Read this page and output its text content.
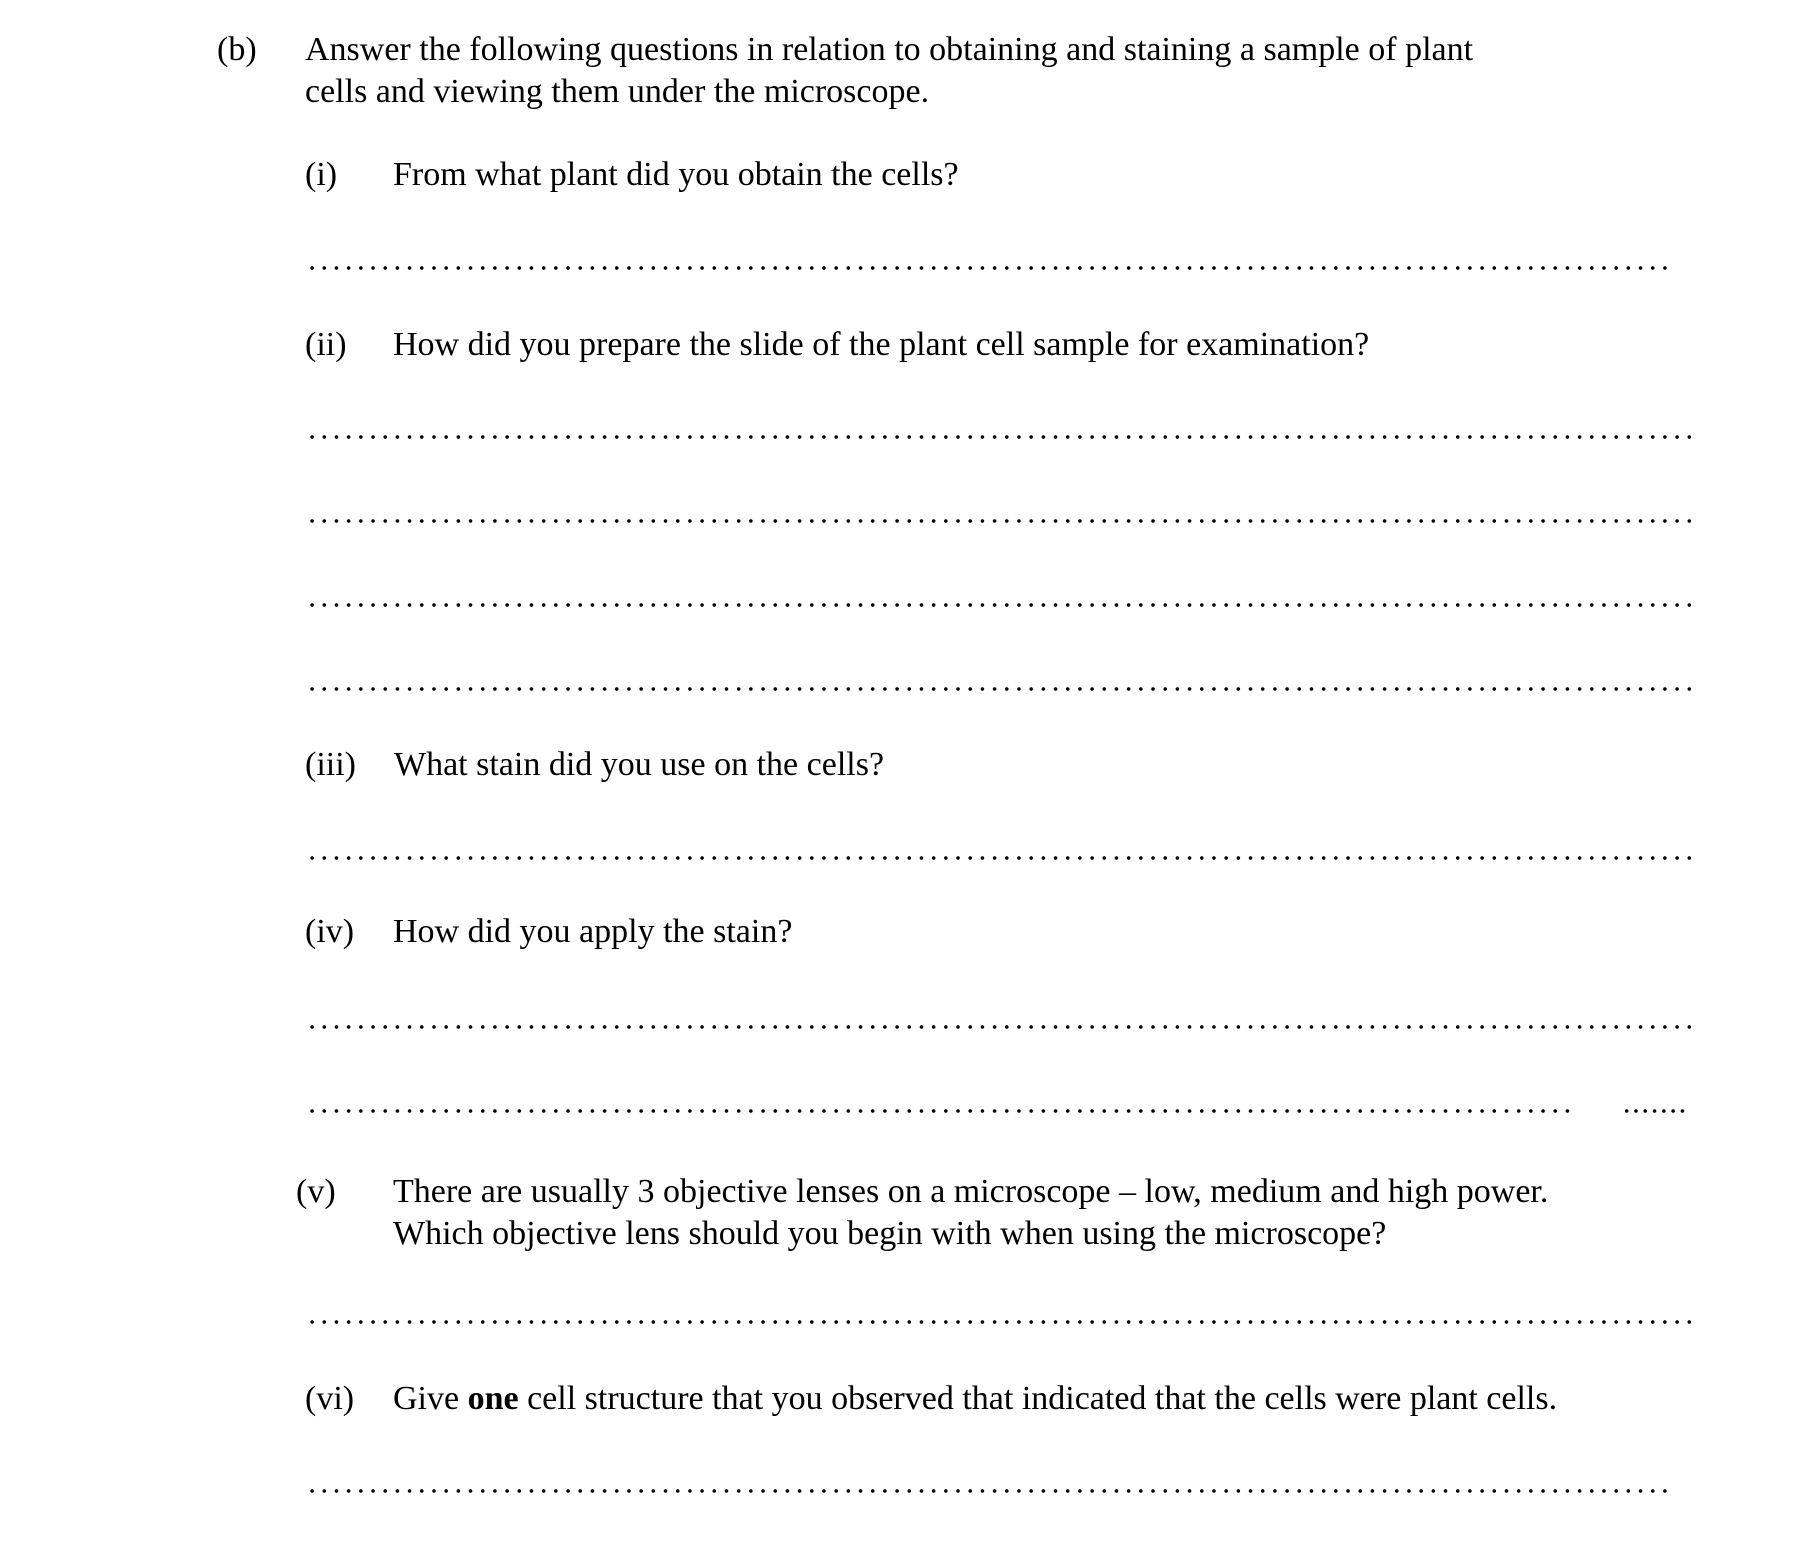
(b) Answer the following questions in relation to obtaining and staining a sample of plant
cells and viewing them under the microscope.
(i) From what plant did you obtain the cells?
(ii) How did you prepare the slide of the plant cell sample for examination?
(iii) What stain did you use on the cells?
(iv) How did you apply the stain?
(v) There are usually 3 objective lenses on a microscope – low, medium and high power.
Which objective lens should you begin with when using the microscope?
(vi) Give one cell structure that you observed that indicated that the cells were plant cells.
